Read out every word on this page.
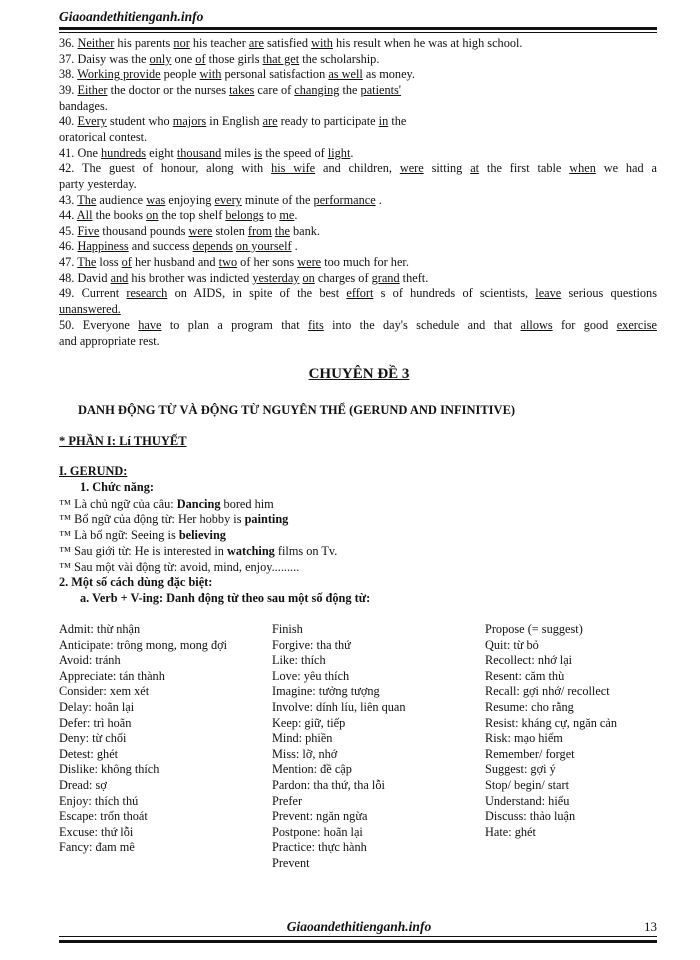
Giaoandethitienganh.info
36. Neither his parents nor his teacher are satisfied with his result when he was at high school.
37. Daisy was the only one of those girls that get the scholarship.
38. Working provide people with personal satisfaction as well as money.
39. Either the doctor or the nurses takes care of changing the patients'
bandages.
40. Every student who majors in English are ready to participate in the
oratorical contest.
41. One hundreds eight thousand miles is the speed of light.
42. The guest of honour, along with his wife and children, were sitting at the first table when we had a
party yesterday.
43. The audience was enjoying every minute of the performance .
44. All the books on the top shelf belongs to me.
45. Five thousand pounds were stolen from the bank.
46. Happiness and success depends on yourself .
47. The loss of her husband and two of her sons were too much for her.
48. David and his brother was indicted yesterday on charges of grand theft.
49. Current research on AIDS, in spite of the best effort s of hundreds of scientists, leave serious questions
unanswered.
50. Everyone have to plan a program that fits into the day's schedule and that allows for good exercise
and appropriate rest.
CHUYÊN ĐỀ 3
DANH ĐỘNG TỪ VÀ ĐỘNG TỪ NGUYÊN THỂ (GERUND AND INFINITIVE)
* PHẦN I: Lí THUYẾT
I. GERUND:
1. Chức năng:
™ Là chủ ngữ của câu: Dancing bored him
™ Bổ ngữ của động từ: Her hobby is painting
™ Là bổ ngữ: Seeing is believing
™ Sau giới từ: He is interested in watching films on Tv.
™ Sau một vài động từ: avoid, mind, enjoy.........
2. Một số cách dùng đặc biệt:
a. Verb + V-ing: Danh động từ theo sau một số động từ:
Admit: thừ nhận
Anticipate: trông mong, mong đợi
Avoid: tránh
Appreciate: tán thành
Consider: xem xét
Delay: hoãn lại
Defer: trì hoãn
Deny: từ chối
Detest: ghét
Dislike: không thích
Dread: sợ
Enjoy: thích thú
Escape: trốn thoát
Excuse: thứ lỗi
Fancy: đam mê
Finish
Forgive: tha thứ
Like: thích
Love: yêu thích
Imagine: tưởng tượng
Involve: dính líu, liên quan
Keep: giữ, tiếp
Mind: phiền
Miss: lỡ, nhớ
Mention: đề cập
Pardon: tha thứ, tha lỗi
Prefer
Prevent: ngăn ngừa
Postpone: hoãn lại
Practice: thực hành
Prevent
Propose (= suggest)
Quit: từ bỏ
Recollect: nhớ lại
Resent: căm thù
Recall: gợi nhớ/ recollect
Resume: cho rằng
Resist: kháng cự, ngăn cản
Risk: mạo hiểm
Remember/ forget
Suggest: gợi ý
Stop/ begin/ start
Understand: hiểu
Discuss: thảo luận
Hate: ghét
Giaoandethitienganh.info	13
